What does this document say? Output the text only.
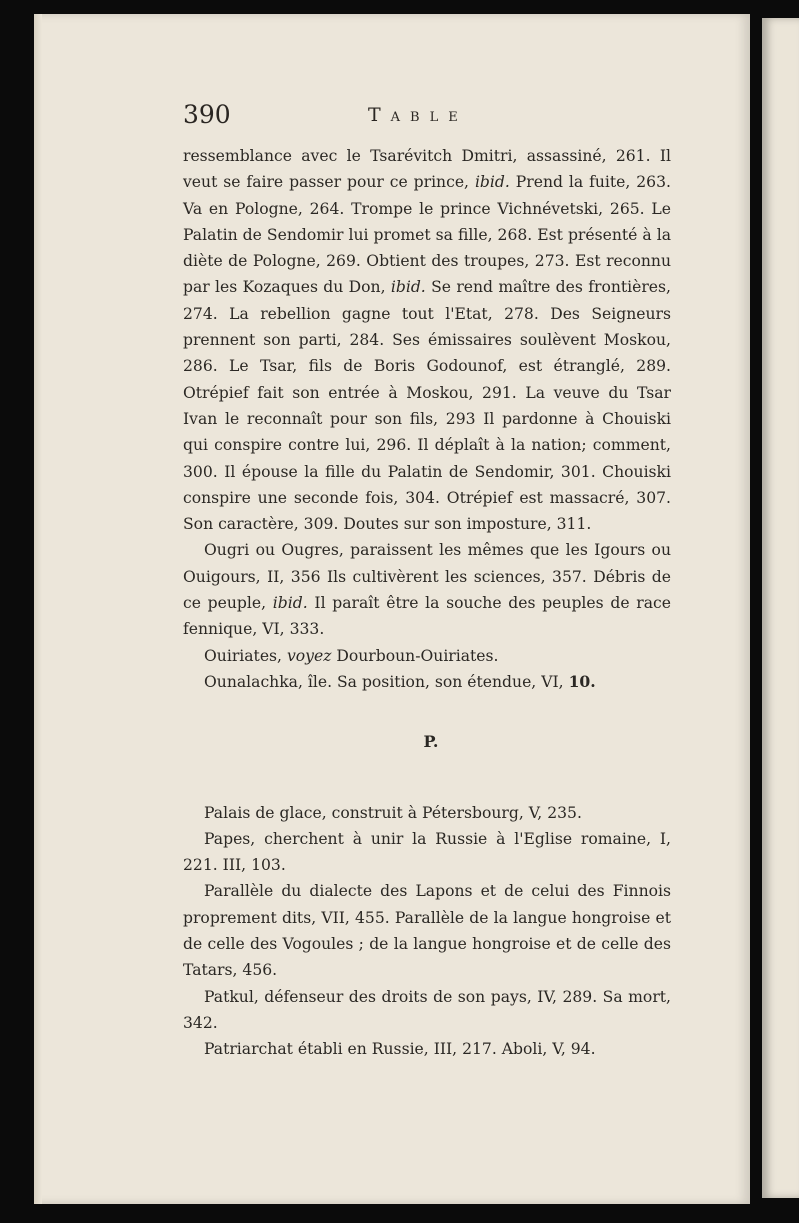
390	Table

ressemblance avec le Tsarévitch Dmitri, assassiné, 261. Il veut se faire passer pour ce prince, ibid. Prend la fuite, 263. Va en Pologne, 264. Trompe le prince Vichnévetski, 265. Le Palatin de Sendomir lui promet sa fille, 268. Est présenté à la diète de Pologne, 269. Obtient des troupes, 273. Est reconnu par les Kozaques du Don, ibid. Se rend maître des frontières, 274. La rebellion gagne tout l'Etat, 278. Des Seigneurs prennent son parti, 284. Ses émissaires soulèvent Moskou, 286. Le Tsar, fils de Boris Godounof, est étranglé, 289. Otrépief fait son entrée à Moskou, 291. La veuve du Tsar Ivan le reconnaît pour son fils, 293 Il pardonne à Chouiski qui conspire contre lui, 296. Il déplaît à la nation; comment, 300. Il épouse la fille du Palatin de Sendomir, 301. Chouiski conspire une seconde fois, 304. Otrépief est massacré, 307. Son caractère, 309. Doutes sur son imposture, 311.

Ougri ou Ougres, paraissent les mêmes que les Igours ou Ouigours, II, 356 Ils cultivèrent les sciences, 357. Débris de ce peuple, ibid. Il paraît être la souche des peuples de race fennique, VI, 333.

Ouiriates, voyez Dourboun-Ouiriates.

Ounalachka, île. Sa position, son étendue, VI, 10.

P.

Palais de glace, construit à Pétersbourg, V, 235.

Papes, cherchent à unir la Russie à l'Eglise romaine, I, 221. III, 103.

Parallèle du dialecte des Lapons et de celui des Finnois proprement dits, VII, 455. Parallèle de la langue hongroise et de celle des Vogoules ; de la langue hongroise et de celle des Tatars, 456.

Patkul, défenseur des droits de son pays, IV, 289. Sa mort, 342.

Patriarchat établi en Russie, III, 217. Aboli, V, 94.
